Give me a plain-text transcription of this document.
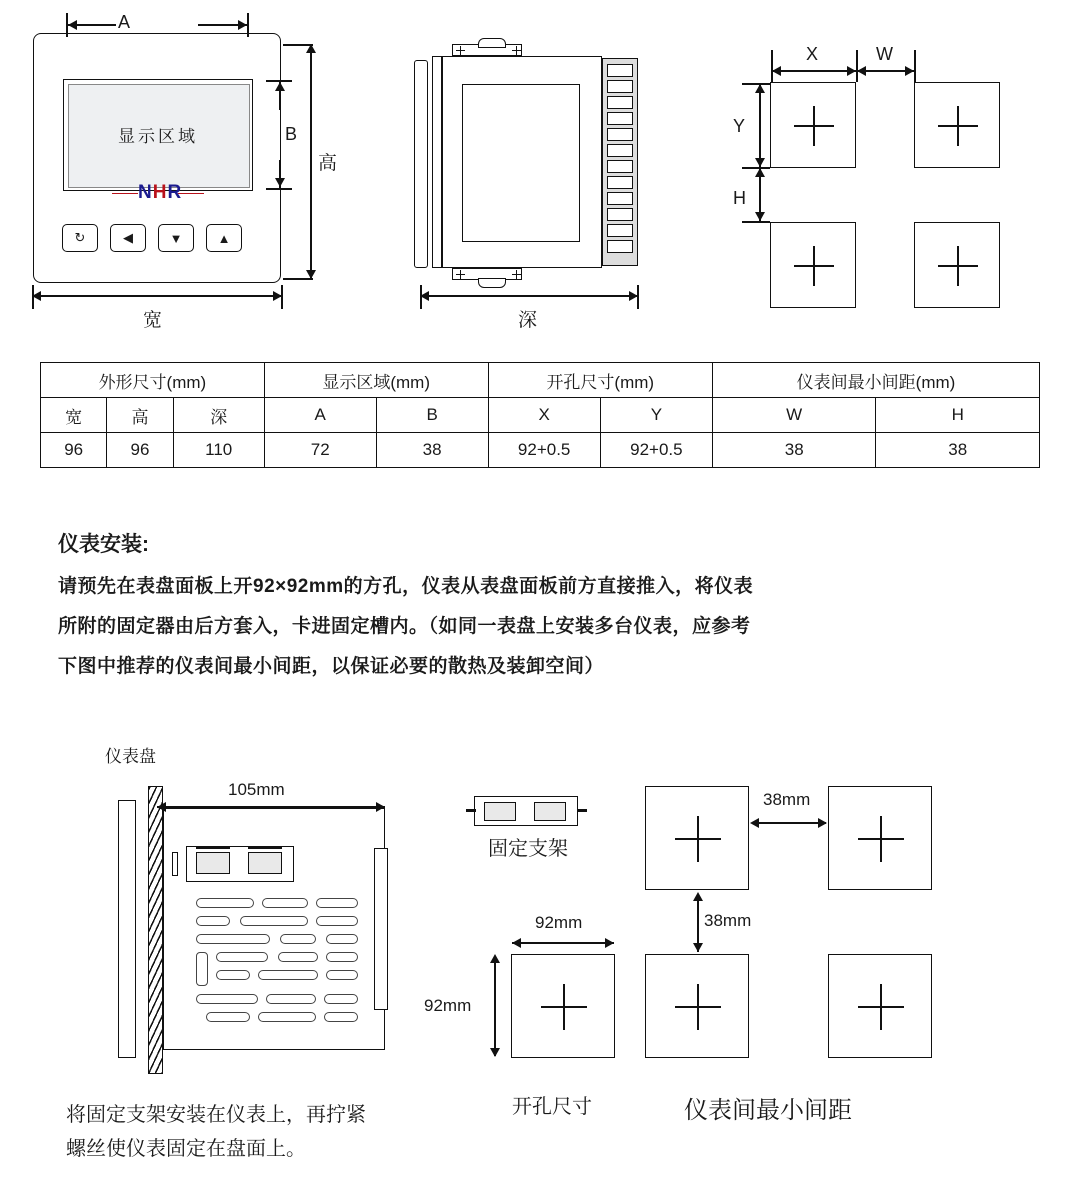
显示区域
NHR
↻	◀	▼	▲
A
B
高
宽	深
X	W
Y
H
外形尺寸(mm)			显示区域(mm)		开孔尺寸(mm)		仪表间最小间距(mm)	
宽	高	深	A	B	X	Y	W	H
96	96	110	72	38	92+0.5	92+0.5	38	38
仪表安装:

请预先在表盘面板上开92×92mm的方孔，仪表从表盘面板前方直接推入，将仪表

所附的固定器由后方套入，卡进固定槽内。（如同一表盘上安装多台仪表，应参考

下图中推荐的仪表间最小间距，以保证必要的散热及装卸空间）

仪表盘
105mm
将固定支架安装在仪表上，再拧紧
螺丝使仪表固定在盘面上。
固定支架
92mm
92mm
开孔尺寸
38mm
38mm
仪表间最小间距
